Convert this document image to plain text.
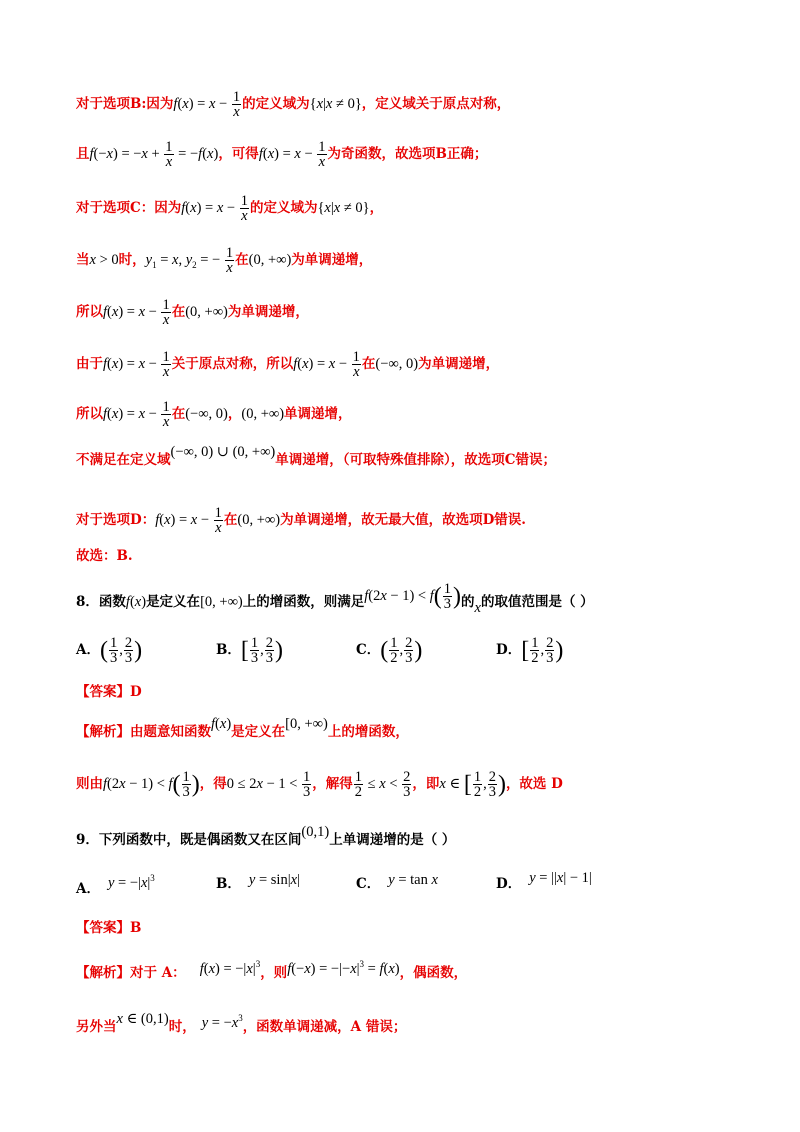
对于选项B:因为$f(x) = x - \frac{1}{x}$ 的定义域为{x|x ≠ 0}，定义域关于原点对称，
且$f(-x) = -x + \frac{1}{x} = -f(x)$，可得$f(x) = x - \frac{1}{x}$ 为奇函数，故选项B正确；
对于选项C：因为$f(x) = x - \frac{1}{x}$ 的定义域为{x|x ≠ 0}，
当x > 0时，$y_1 = x$, $y_2$ = − $\frac{1}{x}$ 在(0, +∞)为单调递增，
所以$f(x) = x - \frac{1}{x}$ 在(0, +∞)为单调递增，
由于$f(x) = x - \frac{1}{x}$ 关于原点对称，所以$f(x) = x - \frac{1}{x}$ 在(−∞, 0)为单调递增，
所以$f(x) = x - \frac{1}{x}$ 在(−∞, 0)，(0, +∞)单调递增，
不满足在定义域(−∞, 0) ∪ (0, +∞)单调递增，（可取特殊值排除），故选项C错误；
对于选项D：$f(x) = x - \frac{1}{x}$ 在(0, +∞)为单调递增，故无最大值，故选项D错误.
故选：B.
8．函数f(x)是定义在[0, +∞)上的增函数，则满足$f(2x - 1) < f( \frac{1}{3}$ )的x的取值范围是（ ）
A．( $\frac{1}{3}$ , $\frac{2}{3}$ )	B．[ $\frac{1}{3}$ , $\frac{2}{3}$ )	C．( $\frac{1}{2}$ , $\frac{2}{3}$ )	D．[ $\frac{1}{2}$ , $\frac{2}{3}$ )
【答案】D
【解析】由题意知函数f(x)是定义在[0, +∞)上的增函数，
则由$f(2x - 1) < f( \frac{1}{3}$ )，得$0 \le 2x - 1 < \frac{1}{3}$ ，解得 $\frac{1}{2} \le x < \frac{2}{3}$ ，即x ∈ [ $\frac{1}{2}$ , $\frac{2}{3}$ )，故选 D
9．下列函数中，既是偶函数又在区间(0,1)上单调递增的是（ ）
A． $y = -|x|^3$	B． y = sin|x|	C． y = tan x	D． y = ||x| − 1|
【答案】B
【解析】对于 A： $f(x) = -|x|^3$，则$f(-x) = -|-x|^3 = f(x)$，偶函数，
另外当x ∈ (0,1)时， $y = -x^3$，函数单调递减，A 错误；
